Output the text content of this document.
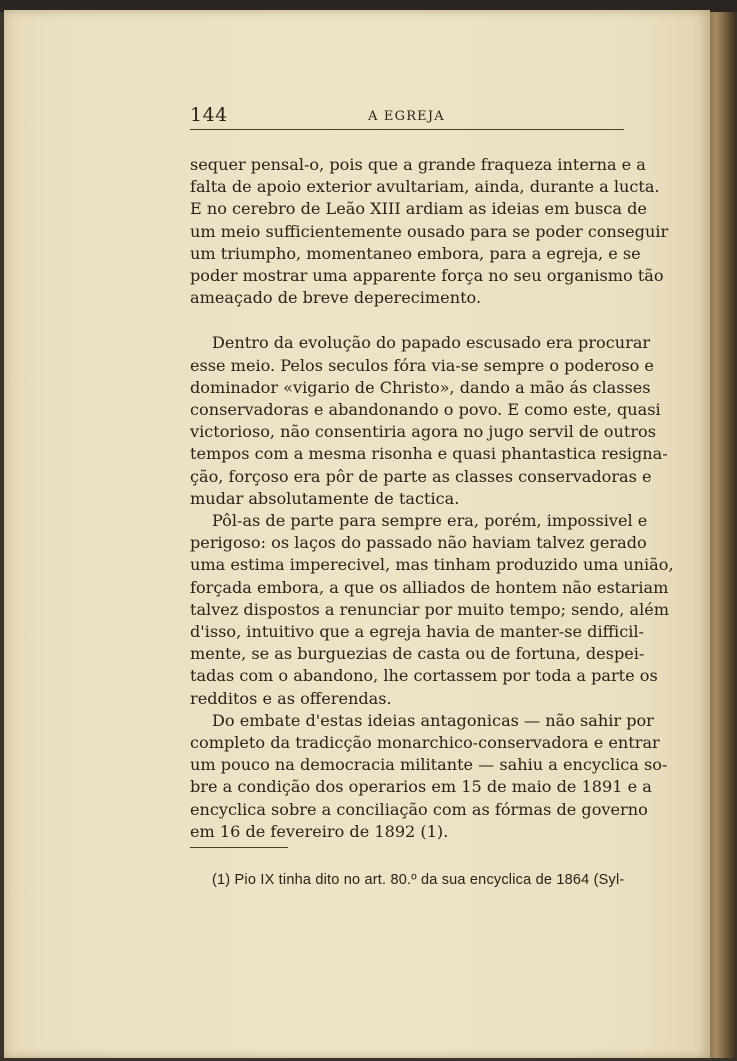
144	A EGREJA
sequer pensal-o, pois que a grande fraqueza interna e a
falta de apoio exterior avultariam, ainda, durante a lucta.
E no cerebro de Leão XIII ardiam as ideias em busca de
um meio sufficientemente ousado para se poder conseguir
um triumpho, momentaneo embora, para a egreja, e se
poder mostrar uma apparente força no seu organismo tão
ameaçado de breve deperecimento.
Dentro da evolução do papado escusado era procurar
esse meio. Pelos seculos fóra via-se sempre o poderoso e
dominador «vigario de Christo», dando a mão ás classes
conservadoras e abandonando o povo. E como este, quasi
victorioso, não consentiria agora no jugo servil de outros
tempos com a mesma risonha e quasi phantastica resigna-
ção, forçoso era pôr de parte as classes conservadoras e
mudar absolutamente de tactica.
Pôl-as de parte para sempre era, porém, impossivel e
perigoso: os laços do passado não haviam talvez gerado
uma estima imperecivel, mas tinham produzido uma união,
forçada embora, a que os alliados de hontem não estariam
talvez dispostos a renunciar por muito tempo; sendo, além
d'isso, intuitivo que a egreja havia de manter-se difficil-
mente, se as burguezias de casta ou de fortuna, despei-
tadas com o abandono, lhe cortassem por toda a parte os
redditos e as offerendas.
Do embate d'estas ideias antagonicas — não sahir por
completo da tradicção monarchico-conservadora e entrar
um pouco na democracia militante — sahiu a encyclica so-
bre a condição dos operarios em 15 de maio de 1891 e a
encyclica sobre a conciliação com as fórmas de governo
em 16 de fevereiro de 1892 (1).
(1) Pio IX tinha dito no art. 80.º da sua encyclica de 1864 (Syl-
